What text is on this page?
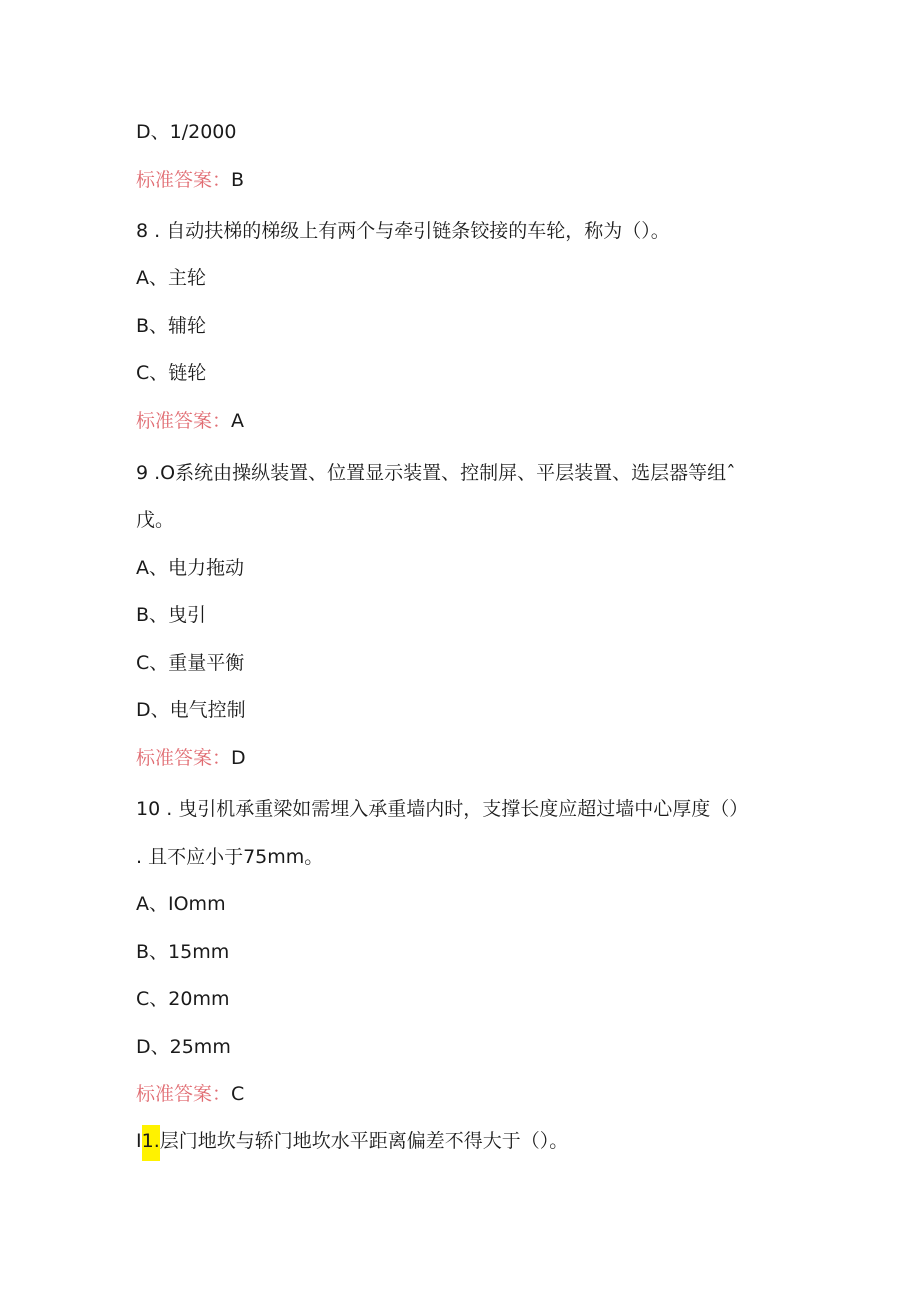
D、1/2000
标准答案：B
8 . 自动扶梯的梯级上有两个与牵引链条铰接的车轮，称为（）。
A、主轮
B、辅轮
C、链轮
标准答案：A
9 .O系统由操纵装置、位置显示装置、控制屏、平层装置、选层器等组ˆ
戊。
A、电力拖动
B、曳引
C、重量平衡
D、电气控制
标准答案：D
10 . 曳引机承重梁如需埋入承重墙内时，支撑长度应超过墙中心厚度（）
. 且不应小于75mm。
A、IOmm
B、15mm
C、20mm
D、25mm
标准答案：C
I1.层门地坎与轿门地坎水平距离偏差不得大于（）。
